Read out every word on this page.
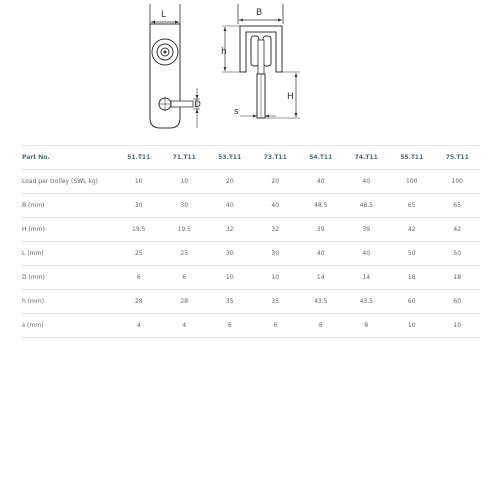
L
D
B
h
H
s
Part No.	51.T11	71.T11	53.T11	73.T11	54.T11	74.T11	55.T11	75.T11
Load per trolley (SWL kg)	10	10	20	20	40	40	100	100
B (mm)	30	30	40	40	48.5	48.5	65	65
H (mm)	19.5	19.5	32	32	39	39	42	42
L (mm)	25	25	30	30	40	40	50	50
D (mm)	6	6	10	10	14	14	18	18
h (mm)	28	28	35	35	43.5	43.5	60	60
s (mm)	4	4	6	6	8	8	10	10
